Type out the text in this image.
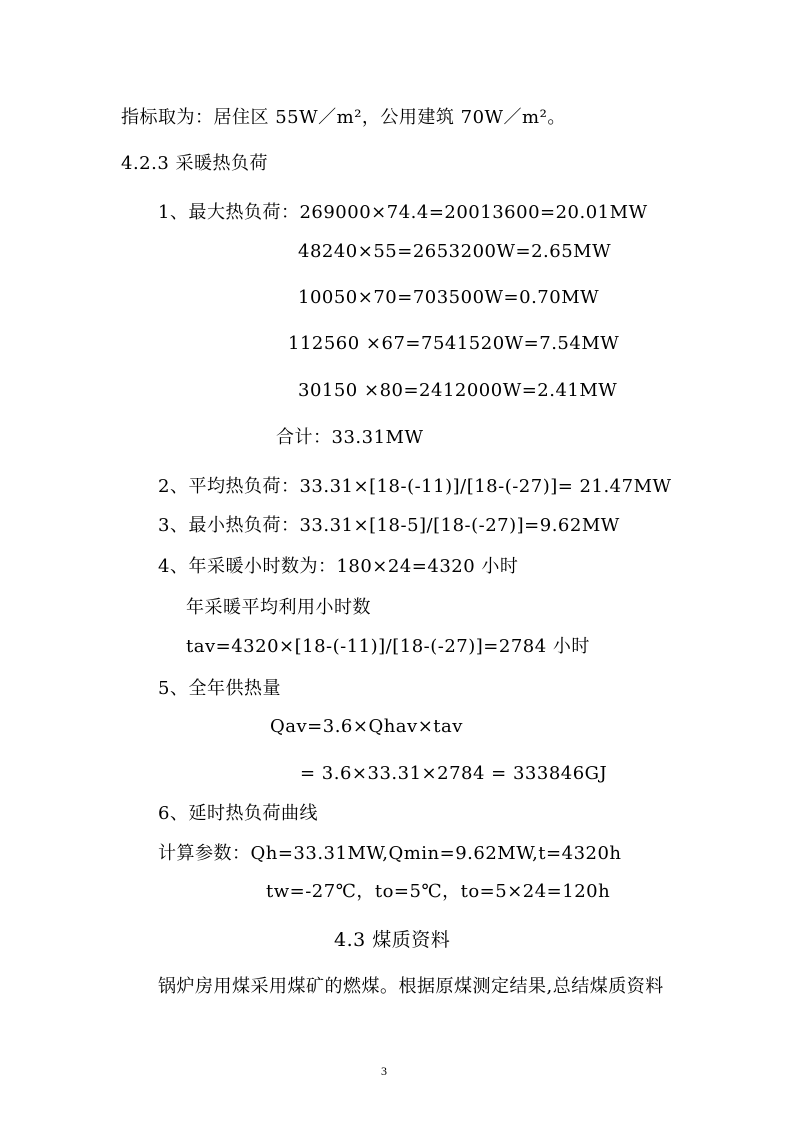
指标取为：居住区 55W／m²，公用建筑 70W／m²。
4.2.3 采暖热负荷
1、最大热负荷：269000×74.4=20013600=20.01MW
48240×55=2653200W=2.65MW
10050×70=703500W=0.70MW
112560 ×67=7541520W=7.54MW
30150 ×80=2412000W=2.41MW
合计：33.31MW
2、平均热负荷：33.31×[18-(-11)]/[18-(-27)]= 21.47MW
3、最小热负荷：33.31×[18-5]/[18-(-27)]=9.62MW
4、年采暖小时数为：180×24=4320 小时
年采暖平均利用小时数
tav=4320×[18-(-11)]/[18-(-27)]=2784 小时
5、全年供热量
Qav=3.6×Qhav×tav
= 3.6×33.31×2784 = 333846GJ
6、延时热负荷曲线
计算参数：Qh=33.31MW,Qmin=9.62MW,t=4320h
tw=-27℃，to=5℃，to=5×24=120h
4.3 煤质资料
锅炉房用煤采用煤矿的燃煤。根据原煤测定结果,总结煤质资料
3
